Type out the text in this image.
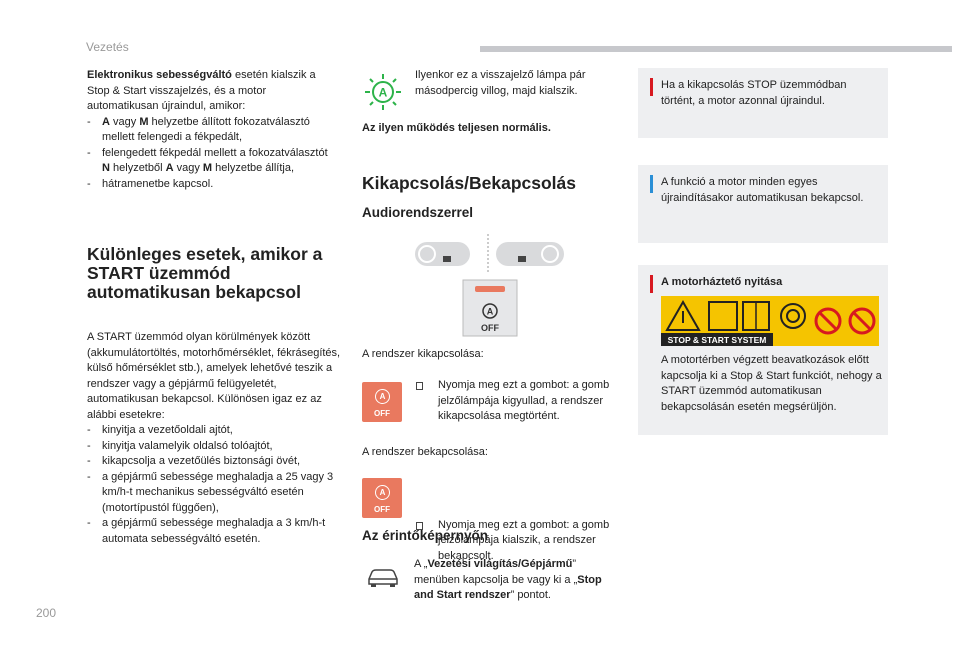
Vezetés
200
Elektronikus sebességváltó esetén kialszik a Stop & Start visszajelzés, és a motor automatikusan újraindul, amikor:
- A vagy M helyzetbe állított fokozatválasztó mellett felengedi a fékpedált,
- felengedett fékpedál mellett a fokozatválasztót N helyzetből A vagy M helyzetbe állítja,
- hátramenetbe kapcsol.
Különleges esetek, amikor a START üzemmód automatikusan bekapcsol
A START üzemmód olyan körülmények között (akkumulátortöltés, motorhőmérséklet, fékrásegítés, külső hőmérséklet stb.), amelyek lehetővé teszik a rendszer vagy a gépjármű felügyeletét, automatikusan bekapcsol. Különösen igaz ez az alábbi esetekre:
- kinyitja a vezetőoldali ajtót,
- kinyitja valamelyik oldalsó tolóajtót,
- kikapcsolja a vezetőülés biztonsági övét,
- a gépjármű sebessége meghaladja a 25 vagy 3 km/h-t mechanikus sebességváltó esetén (motortípustól függően),
- a gépjármű sebessége meghaladja a 3 km/h-t automata sebességváltó esetén.
A
Ilyenkor ez a visszajelző lámpa pár másodpercig villog, majd kialszik.
Az ilyen működés teljesen normális.
Kikapcsolás/Bekapcsolás
Audiorendszerrel
A
OFF
A rendszer kikapcsolása:
A
OFF
Nyomja meg ezt a gombot: a gomb jelzőlámpája kigyullad, a rendszer kikapcsolása megtörtént.
A rendszer bekapcsolása:
A
OFF
Nyomja meg ezt a gombot: a gomb jelzőlámpája kialszik, a rendszer bekapcsolt.
Az érintőképernyőn
A „Vezetési világítás/Gépjármű” menüben kapcsolja be vagy ki a „Stop and Start rendszer” pontot.
Ha a kikapcsolás STOP üzemmódban történt, a motor azonnal újraindul.
A funkció a motor minden egyes újraindításakor automatikusan bekapcsol.
A motorháztető nyitása
STOP & START SYSTEM
A motortérben végzett beavatkozások előtt kapcsolja ki a Stop & Start funkciót, nehogy a START üzemmód automatikusan bekapcsolásán esetén megsérüljön.
